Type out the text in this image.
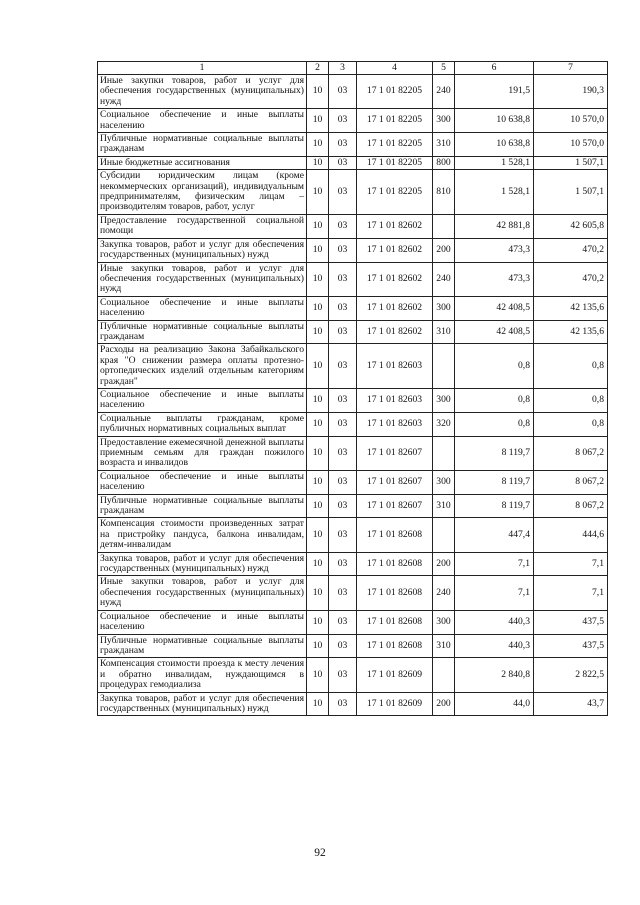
1	2	3	4	5	6	7
Иные закупки товаров, работ и услуг для обеспечения государственных (муниципальных) нужд	10	03	17 1 01 82205	240	191,5	190,3
Социальное обеспечение и иные выплаты населению	10	03	17 1 01 82205	300	10 638,8	10 570,0
Публичные нормативные социальные выплаты гражданам	10	03	17 1 01 82205	310	10 638,8	10 570,0
Иные бюджетные ассигнования	10	03	17 1 01 82205	800	1 528,1	1 507,1
Субсидии юридическим лицам (кроме некоммерческих организаций), индивидуальным предпринимателям, физическим лицам – производителям товаров, работ, услуг	10	03	17 1 01 82205	810	1 528,1	1 507,1
Предоставление государственной социальной помощи	10	03	17 1 01 82602		42 881,8	42 605,8
Закупка товаров, работ и услуг для обеспечения государственных (муниципальных) нужд	10	03	17 1 01 82602	200	473,3	470,2
Иные закупки товаров, работ и услуг для обеспечения государственных (муниципальных) нужд	10	03	17 1 01 82602	240	473,3	470,2
Социальное обеспечение и иные выплаты населению	10	03	17 1 01 82602	300	42 408,5	42 135,6
Публичные нормативные социальные выплаты гражданам	10	03	17 1 01 82602	310	42 408,5	42 135,6
Расходы на реализацию Закона Забайкальского края "О снижении размера оплаты протезно-ортопедических изделий отдельным категориям граждан"	10	03	17 1 01 82603		0,8	0,8
Социальное обеспечение и иные выплаты населению	10	03	17 1 01 82603	300	0,8	0,8
Социальные выплаты гражданам, кроме публичных нормативных социальных выплат	10	03	17 1 01 82603	320	0,8	0,8
Предоставление ежемесячной денежной выплаты приемным семьям для граждан пожилого возраста и инвалидов	10	03	17 1 01 82607		8 119,7	8 067,2
Социальное обеспечение и иные выплаты населению	10	03	17 1 01 82607	300	8 119,7	8 067,2
Публичные нормативные социальные выплаты гражданам	10	03	17 1 01 82607	310	8 119,7	8 067,2
Компенсация стоимости произведенных затрат на пристройку пандуса, балкона инвалидам, детям-инвалидам	10	03	17 1 01 82608		447,4	444,6
Закупка товаров, работ и услуг для обеспечения государственных (муниципальных) нужд	10	03	17 1 01 82608	200	7,1	7,1
Иные закупки товаров, работ и услуг для обеспечения государственных (муниципальных) нужд	10	03	17 1 01 82608	240	7,1	7,1
Социальное обеспечение и иные выплаты населению	10	03	17 1 01 82608	300	440,3	437,5
Публичные нормативные социальные выплаты гражданам	10	03	17 1 01 82608	310	440,3	437,5
Компенсация стоимости проезда к месту лечения и обратно инвалидам, нуждающимся в процедурах гемодиализа	10	03	17 1 01 82609		2 840,8	2 822,5
Закупка товаров, работ и услуг для обеспечения государственных (муниципальных) нужд	10	03	17 1 01 82609	200	44,0	43,7
92
